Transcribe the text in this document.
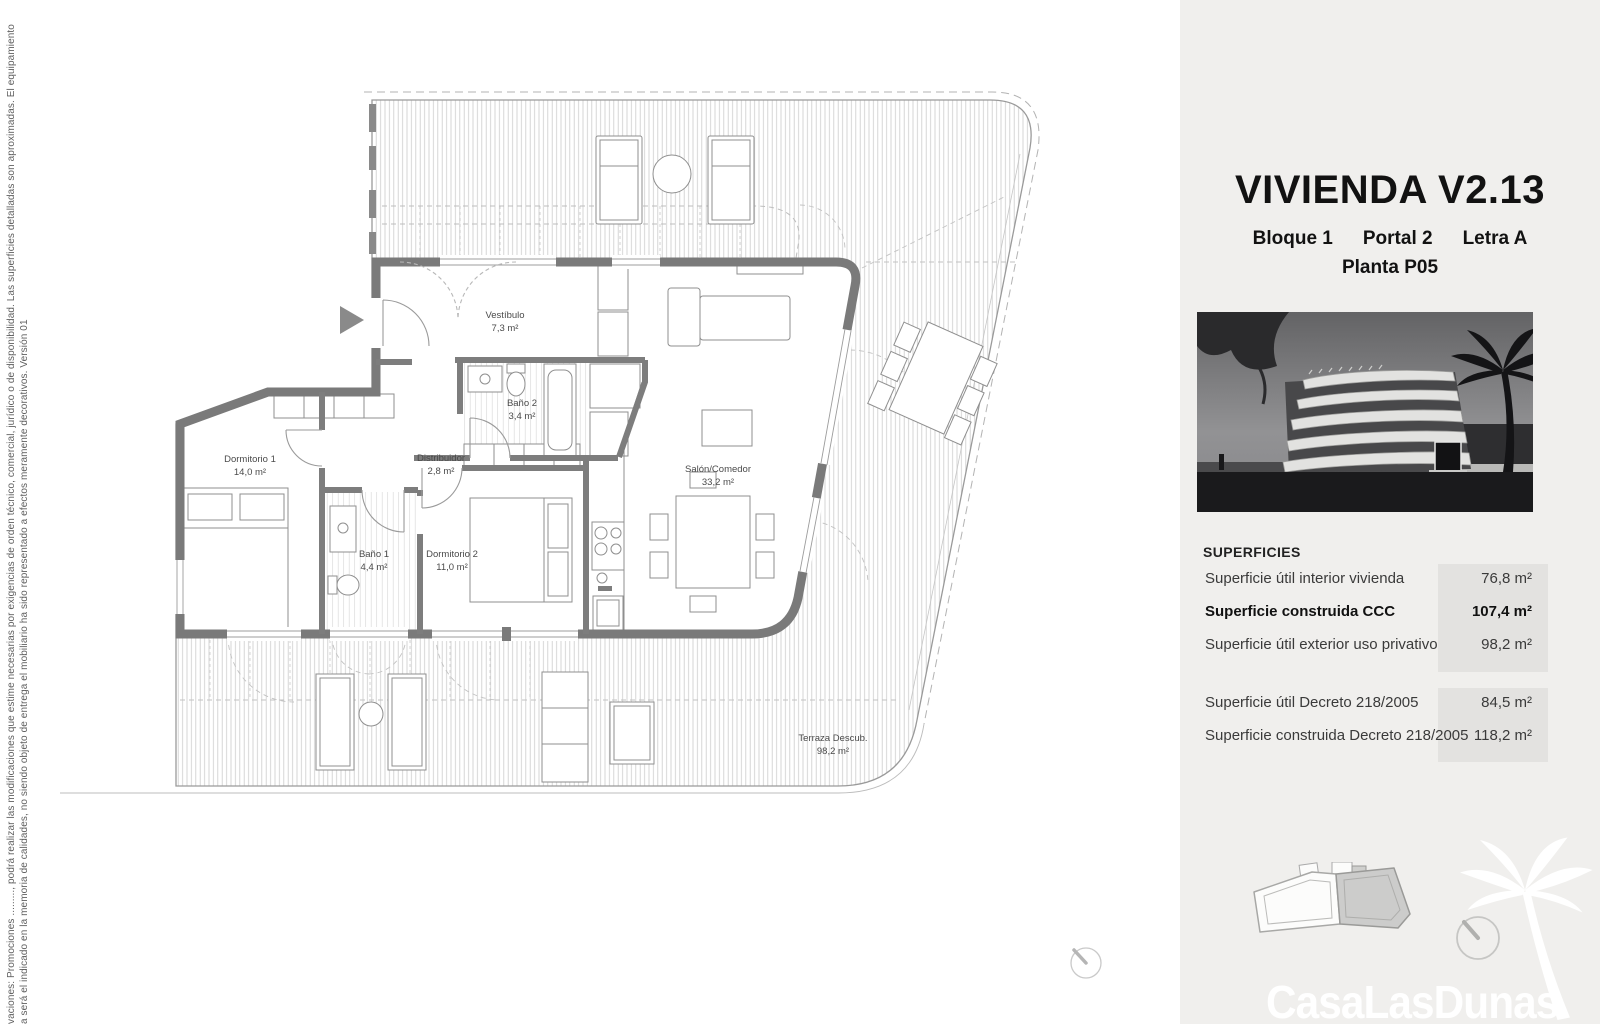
vaciones: Promociones ........., podrá realizar las modificaciones que estime necesarias por exigencias de orden técnico, comercial, jurídico o de disponibilidad. Las superficies detalladas son aproximadas. El equipamiento a será el indicado en la memoria de calidades, no siendo objeto de entrega el mobiliario ha sido representado a efectos meramente decorativos. Versión 01
Vestíbulo
7,3 m²
Baño 2
3,4 m²
Dormitorio 1
14,0 m²
Distribuidor
2,8 m²
Baño 1
4,4 m²
Dormitorio 2
11,0 m²
Salón/Comedor
33,2 m²
Terraza Descub.
98,2 m²
VIVIENDA V2.13
Bloque 1 Portal 2 Letra A
Planta P05
SUPERFICIES
Superficie útil interior vivienda	76,8 m²
Superficie construida CCC	107,4 m²
Superficie útil exterior uso privativo	98,2 m²
Superficie útil Decreto 218/2005	84,5 m²
Superficie construida Decreto 218/2005 118,2 m²
CasaLasDunas
